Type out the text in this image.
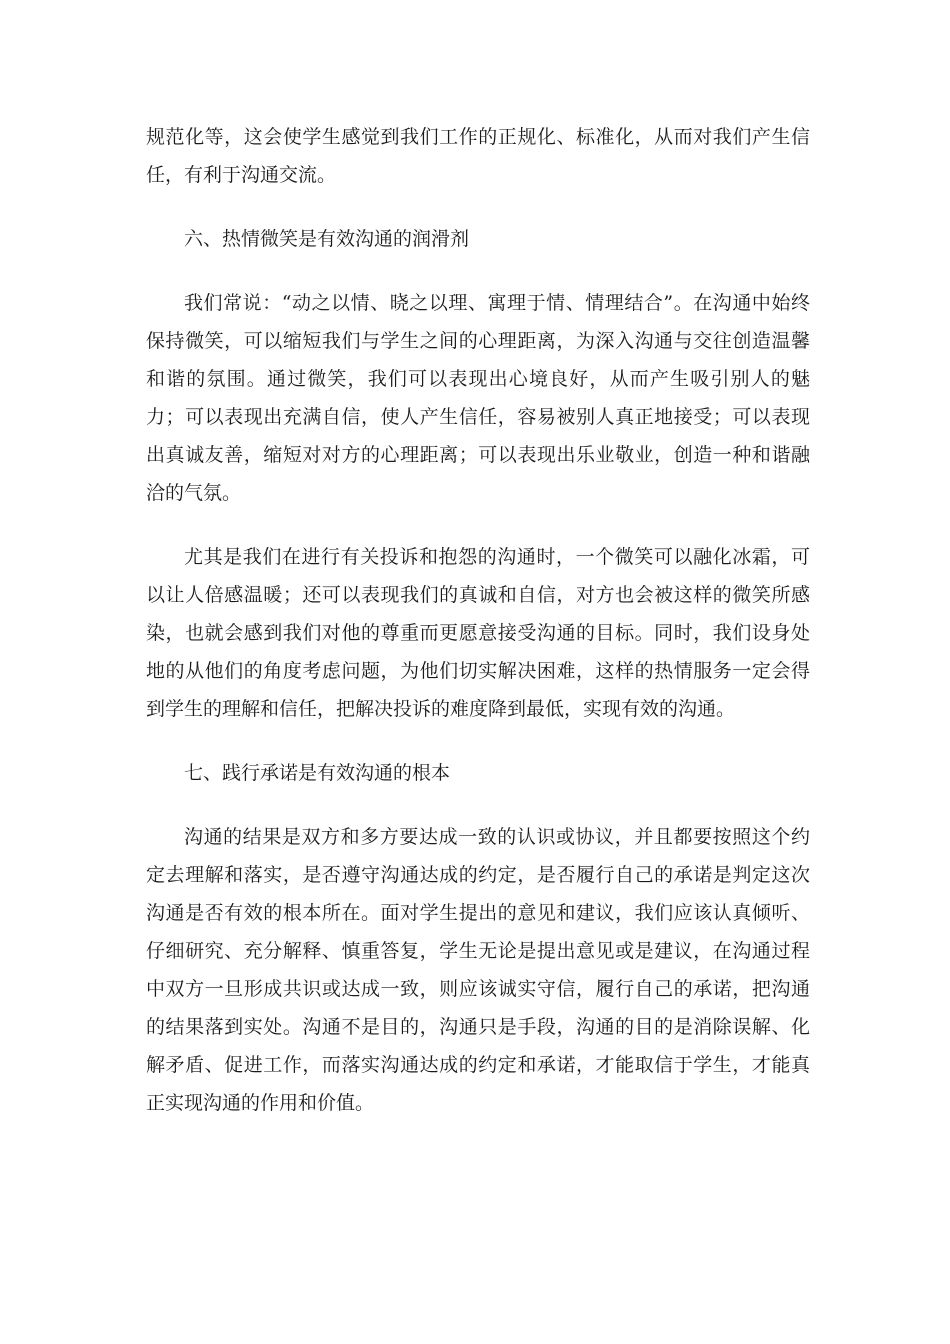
规范化等，这会使学生感觉到我们工作的正规化、标准化，从而对我们产生信任，有利于沟通交流。

六、热情微笑是有效沟通的润滑剂

我们常说：“动之以情、晓之以理、寓理于情、情理结合”。在沟通中始终保持微笑，可以缩短我们与学生之间的心理距离，为深入沟通与交往创造温馨和谐的氛围。通过微笑，我们可以表现出心境良好，从而产生吸引别人的魅力；可以表现出充满自信，使人产生信任，容易被别人真正地接受；可以表现出真诚友善，缩短对对方的心理距离；可以表现出乐业敬业，创造一种和谐融洽的气氛。

尤其是我们在进行有关投诉和抱怨的沟通时，一个微笑可以融化冰霜，可以让人倍感温暖；还可以表现我们的真诚和自信，对方也会被这样的微笑所感染，也就会感到我们对他的尊重而更愿意接受沟通的目标。同时，我们设身处地的从他们的角度考虑问题，为他们切实解决困难，这样的热情服务一定会得到学生的理解和信任，把解决投诉的难度降到最低，实现有效的沟通。

七、践行承诺是有效沟通的根本

沟通的结果是双方和多方要达成一致的认识或协议，并且都要按照这个约定去理解和落实，是否遵守沟通达成的约定，是否履行自己的承诺是判定这次沟通是否有效的根本所在。面对学生提出的意见和建议，我们应该认真倾听、仔细研究、充分解释、慎重答复，学生无论是提出意见或是建议，在沟通过程中双方一旦形成共识或达成一致，则应该诚实守信，履行自己的承诺，把沟通的结果落到实处。沟通不是目的，沟通只是手段，沟通的目的是消除误解、化解矛盾、促进工作，而落实沟通达成的约定和承诺，才能取信于学生，才能真正实现沟通的作用和价值。
